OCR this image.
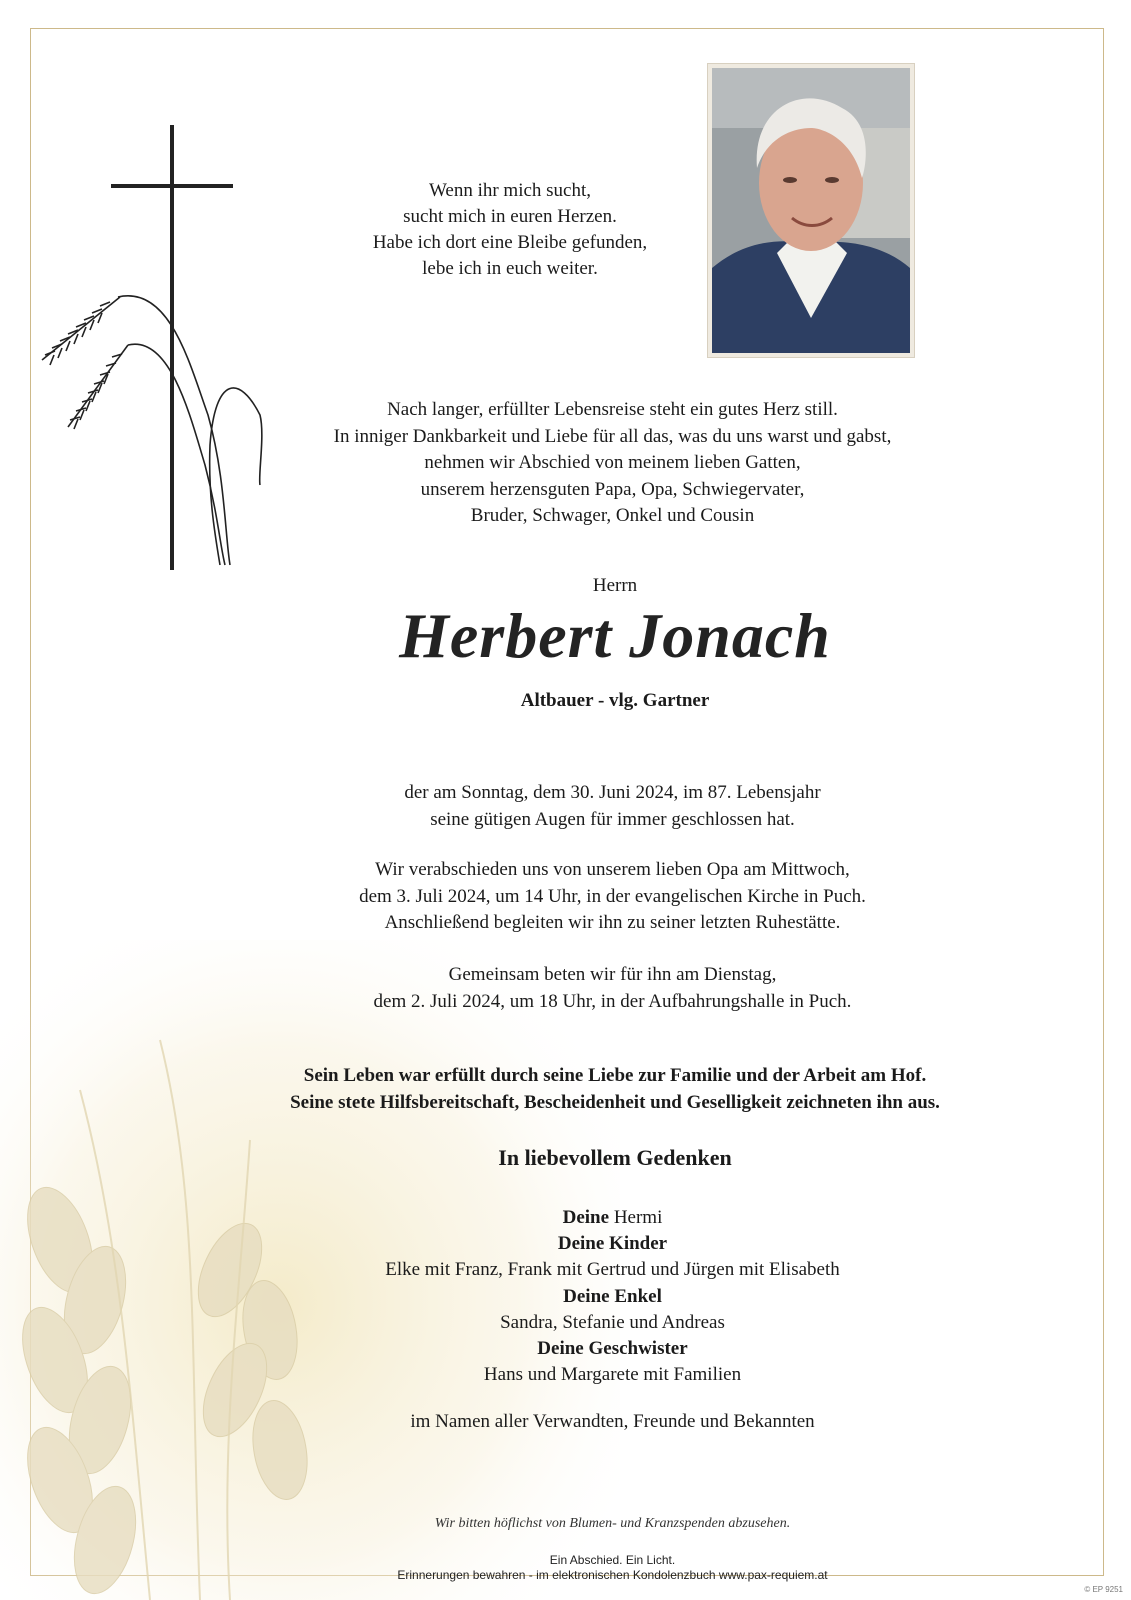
Wenn ihr mich sucht,
sucht mich in euren Herzen.
Habe ich dort eine Bleibe gefunden,
lebe ich in euch weiter.
Nach langer, erfüllter Lebensreise steht ein gutes Herz still.
In inniger Dankbarkeit und Liebe für all das, was du uns warst und gabst,
nehmen wir Abschied von meinem lieben Gatten,
unserem herzensguten Papa, Opa, Schwiegervater,
Bruder, Schwager, Onkel und Cousin
Herrn
Herbert Jonach
Altbauer - vlg. Gartner
der am Sonntag, dem 30. Juni 2024, im 87. Lebensjahr
seine gütigen Augen für immer geschlossen hat.
Wir verabschieden uns von unserem lieben Opa am Mittwoch,
dem 3. Juli 2024, um 14 Uhr, in der evangelischen Kirche in Puch.
Anschließend begleiten wir ihn zu seiner letzten Ruhestätte.
Gemeinsam beten wir für ihn am Dienstag,
dem 2. Juli 2024, um 18 Uhr, in der Aufbahrungshalle in Puch.
Sein Leben war erfüllt durch seine Liebe zur Familie und der Arbeit am Hof.
Seine stete Hilfsbereitschaft, Bescheidenheit und Geselligkeit zeichneten ihn aus.
In liebevollem Gedenken
Deine Hermi
Deine Kinder
Elke mit Franz, Frank mit Gertrud und Jürgen mit Elisabeth
Deine Enkel
Sandra, Stefanie und Andreas
Deine Geschwister
Hans und Margarete mit Familien
im Namen aller Verwandten, Freunde und Bekannten
Wir bitten höflichst von Blumen- und Kranzspenden abzusehen.
Ein Abschied. Ein Licht.
Erinnerungen bewahren - im elektronischen Kondolenzbuch www.pax-requiem.at
© EP 9251
